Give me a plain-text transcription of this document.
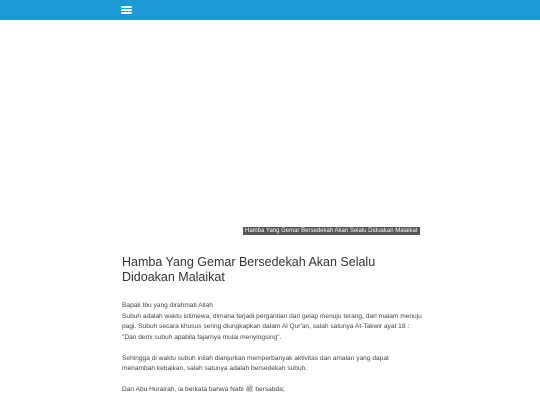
Hamba Yang Gemar Bersedekah Akan Selalu Didoakan Malaikat
Hamba Yang Gemar Bersedekah Akan Selalu Didoakan Malaikat

Bapak Ibu yang dirahmati Allah

Subuh adalah waktu istimewa, dimana terjadi pergantian dari gelap menuju terang, dari malam menuju pagi. Subuh secara khusus sering diungkapkan dalam Al Qur'an, salah satunya At-Takwir ayat 18 : "Dan demi subuh apabila fajarnya mulai menyingsing".

Sehingga di waktu subuh inilah dianjurkan memperbanyak aktivitas dan amalan yang dapat menambah kebaikan, salah satunya adalah bersedekah subuh.

Dari Abu Hurairah, ia berkata bahwa Nabi ﷺ bersabda;
